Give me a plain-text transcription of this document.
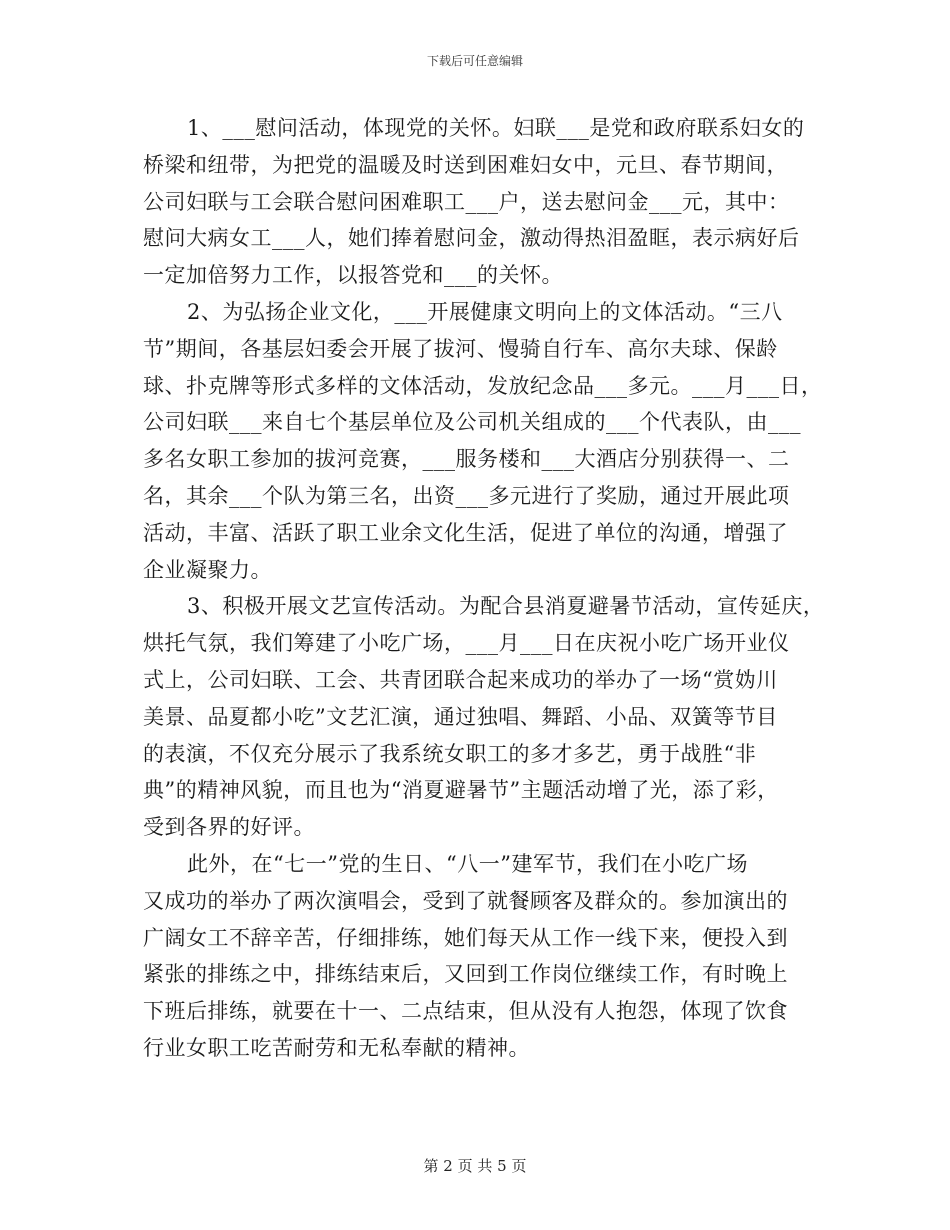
下载后可任意编辑
1、___慰问活动，体现党的关怀。妇联___是党和政府联系妇女的
桥梁和纽带，为把党的温暖及时送到困难妇女中，元旦、春节期间，
公司妇联与工会联合慰问困难职工___户，送去慰问金___元，其中：
慰问大病女工___人，她们捧着慰问金，激动得热泪盈眶，表示病好后
一定加倍努力工作，以报答党和___的关怀。
2、为弘扬企业文化，___开展健康文明向上的文体活动。“三八
节”期间，各基层妇委会开展了拔河、慢骑自行车、高尔夫球、保龄
球、扑克牌等形式多样的文体活动，发放纪念品___多元。___月___日，
公司妇联___来自七个基层单位及公司机关组成的___个代表队，由___
多名女职工参加的拔河竞赛，___服务楼和___大酒店分别获得一、二
名，其余___个队为第三名，出资___多元进行了奖励，通过开展此项
活动，丰富、活跃了职工业余文化生活，促进了单位的沟通，增强了
企业凝聚力。
3、积极开展文艺宣传活动。为配合县消夏避暑节活动，宣传延庆，
烘托气氛，我们筹建了小吃广场，___月___日在庆祝小吃广场开业仪
式上，公司妇联、工会、共青团联合起来成功的举办了一场“赏妫川
美景、品夏都小吃”文艺汇演，通过独唱、舞蹈、小品、双簧等节目
的表演，不仅充分展示了我系统女职工的多才多艺，勇于战胜“非
典”的精神风貌，而且也为“消夏避暑节”主题活动增了光，添了彩，
受到各界的好评。
此外，在“七一”党的生日、“八一”建军节，我们在小吃广场
又成功的举办了两次演唱会，受到了就餐顾客及群众的。参加演出的
广阔女工不辞辛苦，仔细排练，她们每天从工作一线下来，便投入到
紧张的排练之中，排练结束后，又回到工作岗位继续工作，有时晚上
下班后排练，就要在十一、二点结束，但从没有人抱怨，体现了饮食
行业女职工吃苦耐劳和无私奉献的精神。
第 2 页 共 5 页
